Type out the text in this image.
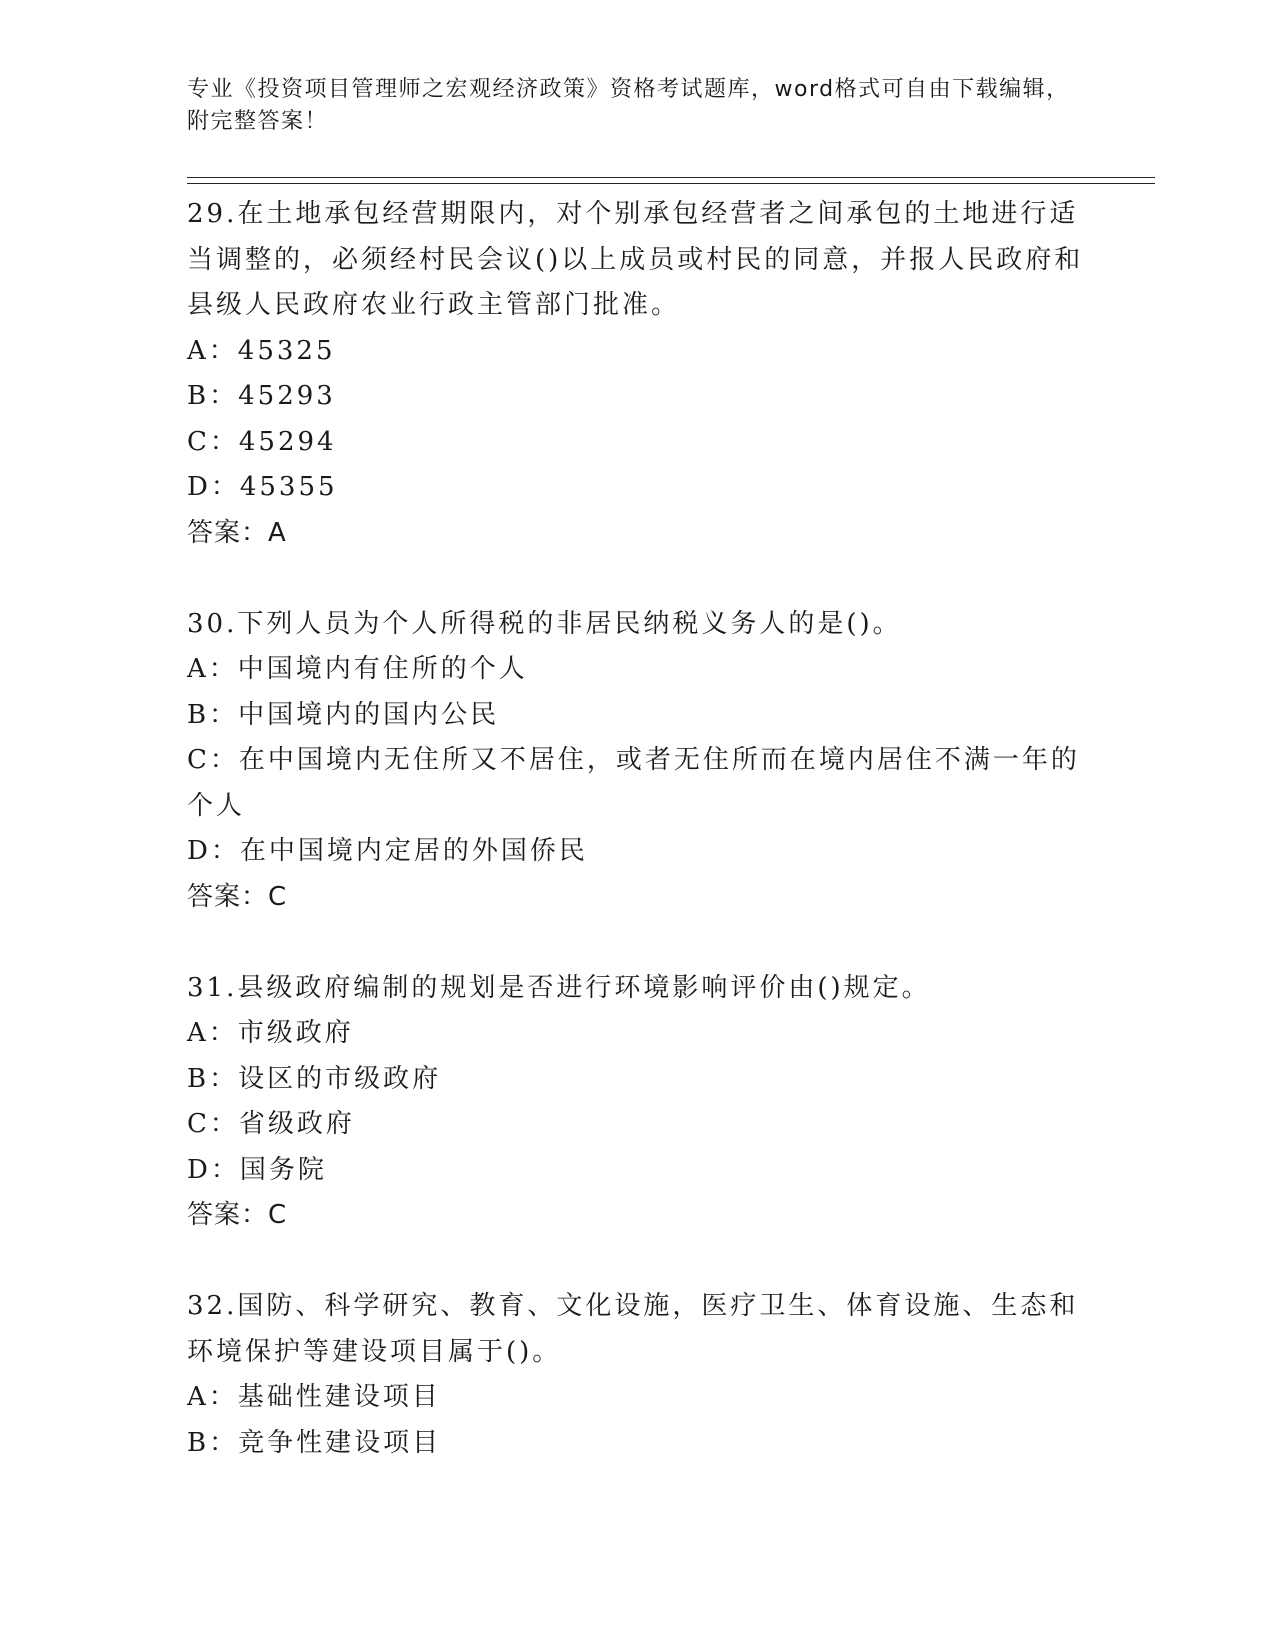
专业《投资项目管理师之宏观经济政策》资格考试题库，word格式可自由下载编辑，附完整答案！

29.在土地承包经营期限内，对个别承包经营者之间承包的土地进行适当调整的，必须经村民会议()以上成员或村民的同意，并报人民政府和县级人民政府农业行政主管部门批准。

A：45325

B：45293

C：45294

D：45355

答案：A

30.下列人员为个人所得税的非居民纳税义务人的是()。

A：中国境内有住所的个人

B：中国境内的国内公民

C：在中国境内无住所又不居住，或者无住所而在境内居住不满一年的个人

D：在中国境内定居的外国侨民

答案：C

31.县级政府编制的规划是否进行环境影响评价由()规定。

A：市级政府

B：设区的市级政府

C：省级政府

D：国务院

答案：C

32.国防、科学研究、教育、文化设施，医疗卫生、体育设施、生态和环境保护等建设项目属于()。

A：基础性建设项目

B：竞争性建设项目
